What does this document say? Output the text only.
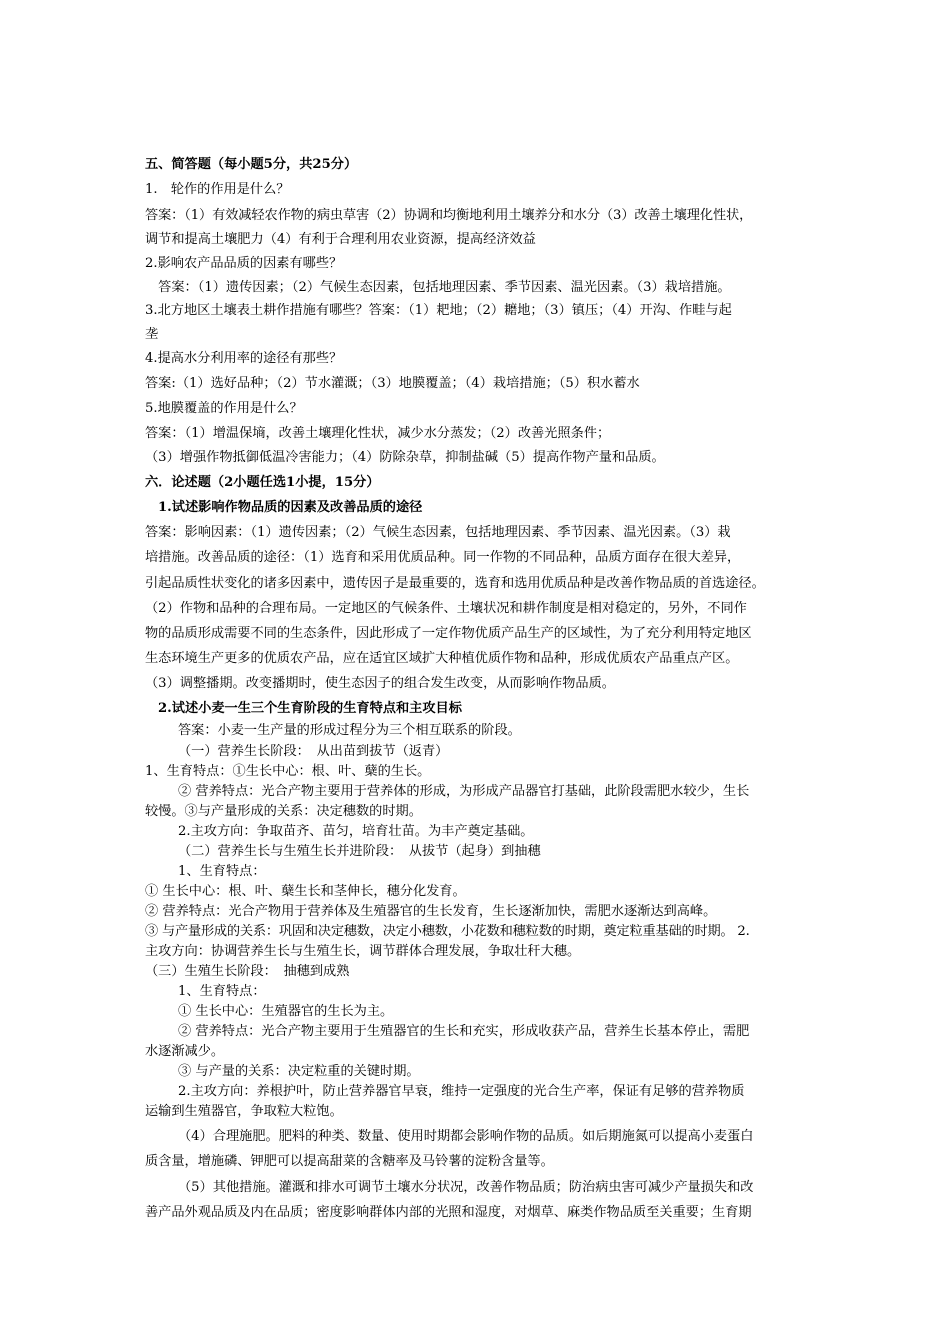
五、简答题（每小题5分，共25分）
1.　轮作的作用是什么？
答案：（1）有效减轻农作物的病虫草害（2）协调和均衡地利用土壤养分和水分（3）改善土壤理化性状，
调节和提高土壤肥力（4）有利于合理利用农业资源，提高经济效益
2.影响农产品品质的因素有哪些？
　答案：（1）遗传因素；（2）气候生态因素，包括地理因素、季节因素、温光因素。（3）栽培措施。
3.北方地区土壤表土耕作措施有哪些？答案：（1）耙地；（2）耱地；（3）镇压；（4）开沟、作畦与起
垄
4.提高水分利用率的途径有那些？
答案:（1）选好品种；（2）节水灌溉；（3）地膜覆盖；（4）栽培措施；（5）积水蓄水
5.地膜覆盖的作用是什么？
答案：（1）增温保墒，改善土壤理化性状，减少水分蒸发；（2）改善光照条件；
（3）增强作物抵御低温冷害能力；（4）防除杂草，抑制盐碱（5）提高作物产量和品质。
六．论述题（2小题任选1小提，15分）
1.试述影响作物品质的因素及改善品质的途径
答案：影响因素：（1）遗传因素；（2）气候生态因素，包括地理因素、季节因素、温光因素。（3）栽
培措施。改善品质的途径：（1）选育和采用优质品种。同一作物的不同品种，品质方面存在很大差异，
引起品质性状变化的诸多因素中，遗传因子是最重要的，选育和选用优质品种是改善作物品质的首选途径。
（2）作物和品种的合理布局。一定地区的气候条件、土壤状况和耕作制度是相对稳定的，另外，不同作
物的品质形成需要不同的生态条件，因此形成了一定作物优质产品生产的区域性，为了充分利用特定地区
生态环境生产更多的优质农产品，应在适宜区域扩大种植优质作物和品种，形成优质农产品重点产区。
（3）调整播期。改变播期时，使生态因子的组合发生改变，从而影响作物品质。
2.试述小麦一生三个生育阶段的生育特点和主攻目标
答案：小麦一生产量的形成过程分为三个相互联系的阶段。
（一）营养生长阶段：　从出苗到拔节（返青）
1、生育特点：①生长中心：根、叶、蘖的生长。
② 营养特点：光合产物主要用于营养体的形成，为形成产品器官打基础，此阶段需肥水较少，生长
较慢。③与产量形成的关系：决定穗数的时期。
2.主攻方向：争取苗齐、苗匀，培育壮苗。为丰产奠定基础。
（二）营养生长与生殖生长并进阶段：　从拔节（起身）到抽穗
1、生育特点：
① 生长中心：根、叶、蘖生长和茎伸长，穗分化发育。
② 营养特点：光合产物用于营养体及生殖器官的生长发育，生长逐渐加快，需肥水逐渐达到高峰。
③ 与产量形成的关系：巩固和决定穗数，决定小穗数，小花数和穗粒数的时期，奠定粒重基础的时期。 2.
主攻方向：协调营养生长与生殖生长，调节群体合理发展，争取壮秆大穗。
（三）生殖生长阶段：　抽穗到成熟
1、生育特点：
① 生长中心：生殖器官的生长为主。
② 营养特点：光合产物主要用于生殖器官的生长和充实，形成收获产品，营养生长基本停止，需肥
水逐渐减少。
③ 与产量的关系：决定粒重的关键时期。
2.主攻方向：养根护叶，防止营养器官早衰，维持一定强度的光合生产率，保证有足够的营养物质
运输到生殖器官，争取粒大粒饱。
（4）合理施肥。肥料的种类、数量、使用时期都会影响作物的品质。如后期施氮可以提高小麦蛋白
质含量，增施磷、钾肥可以提高甜菜的含糖率及马铃薯的淀粉含量等。
（5）其他措施。灌溉和排水可调节土壤水分状况，改善作物品质；防治病虫害可减少产量损失和改
善产品外观品质及内在品质；密度影响群体内部的光照和湿度，对烟草、麻类作物品质至关重要；生育期
